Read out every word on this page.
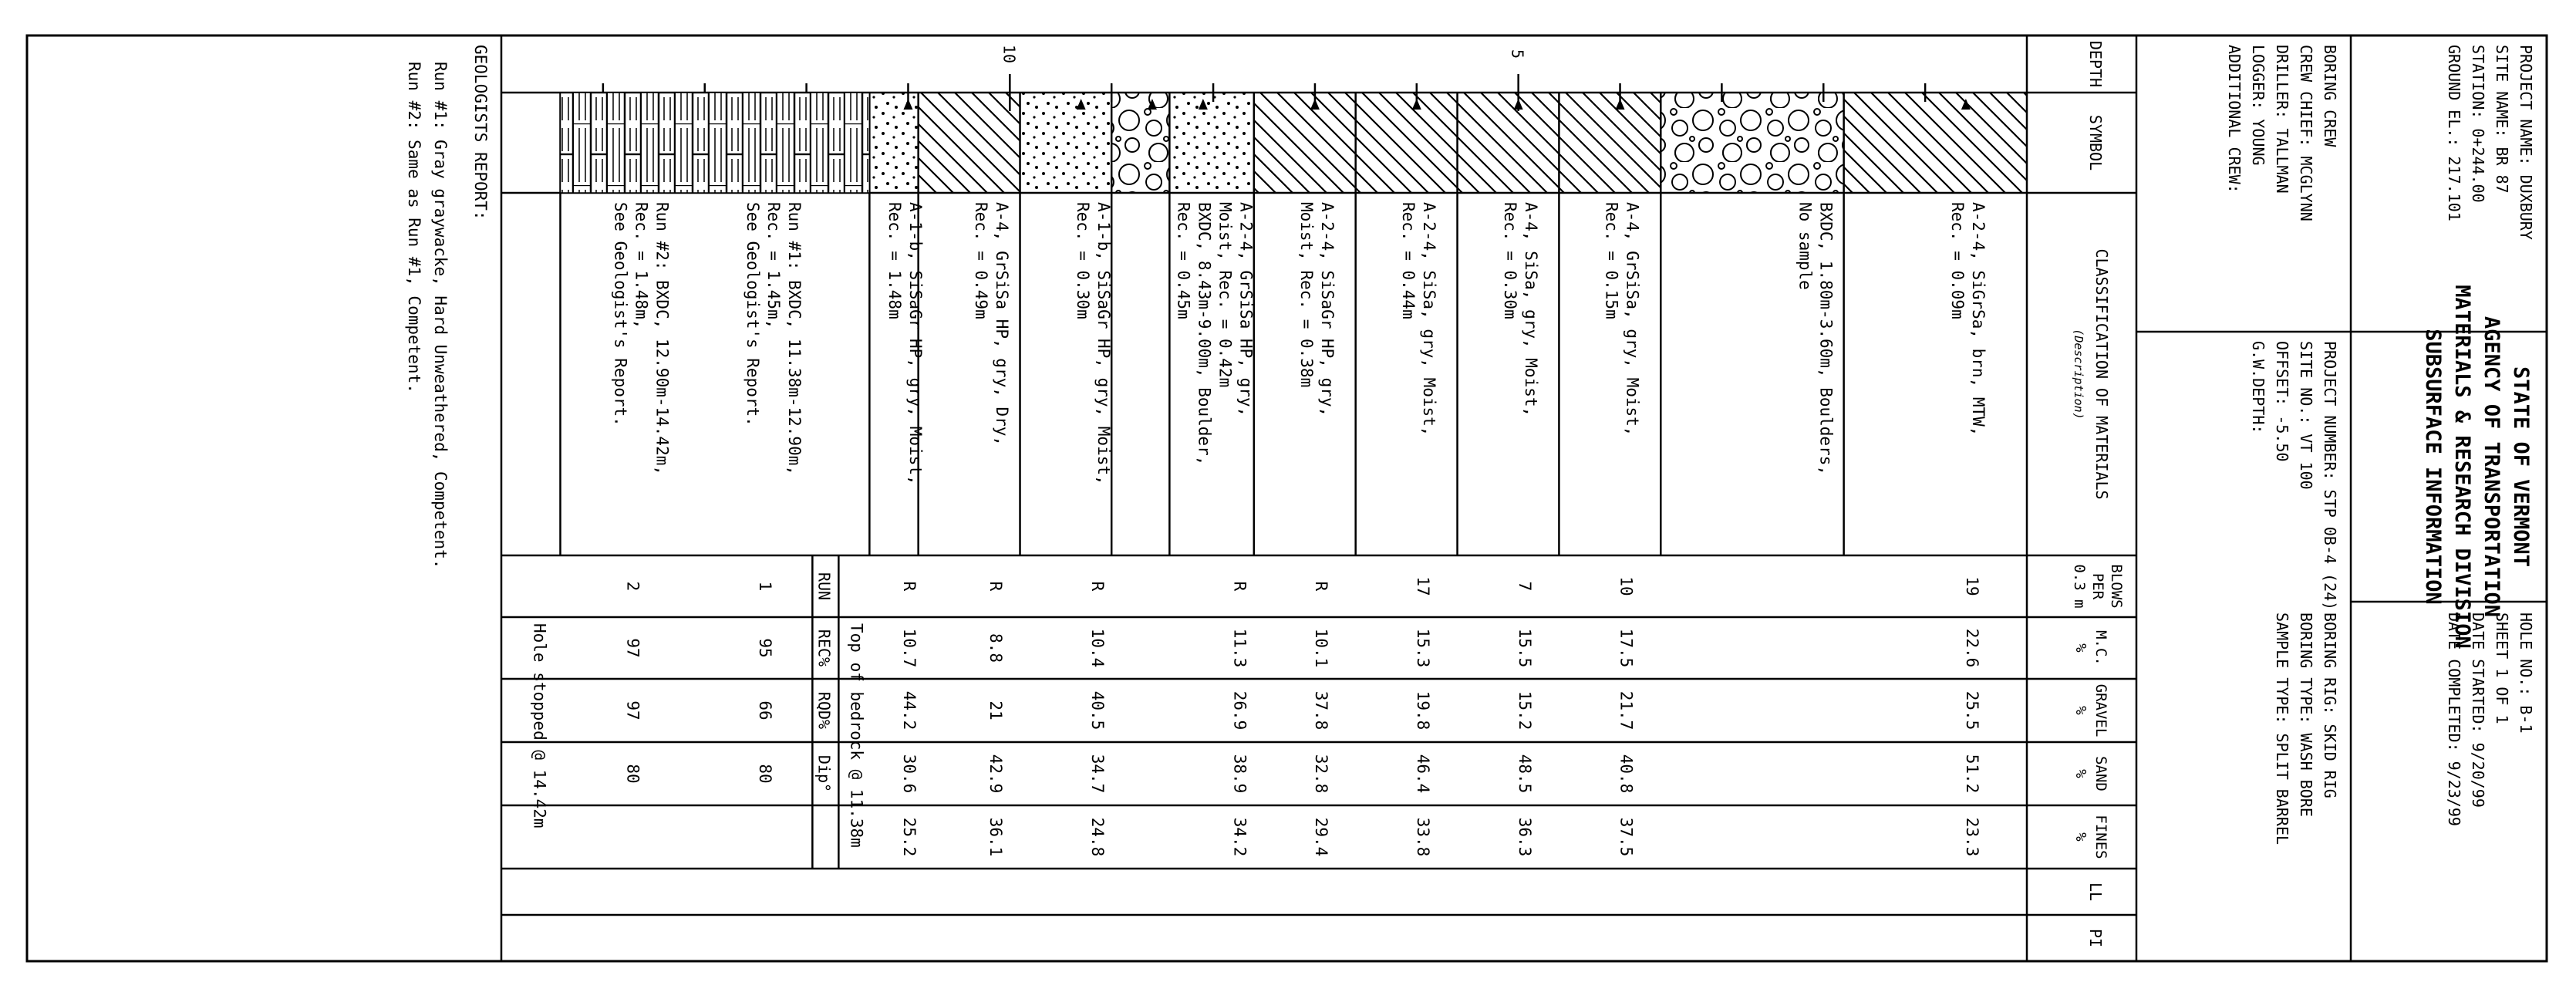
STATE OF VERMONT
AGENCY OF TRANSPORTATION
MATERIALS & RESEARCH DIVISION
SUBSURFACE INFORMATION
PROJECT NAME: DUXBURY
SITE NAME: BR 87
STATION: 0+244.00
GROUND EL.: 217.101
HOLE NO.: B-1
SHEET 1 OF 1
DATE STARTED: 9/20/99
DATE COMPLETED: 9/23/99
BORING CREW
CREW CHIEF: MCGLYNN
DRILLER: TALLMAN
LOGGER: YOUNG
ADDITIONAL CREW:
PROJECT NUMBER: STP 0B-4 (24)
SITE NO.: VT 100
OFFSET: -5.50
G.W.DEPTH:
BORING RIG: SKID RIG
BORING TYPE: WASH BORE
SAMPLE TYPE: SPLIT BARREL
DEPTH
SYMBOL
CLASSIFICATION OF MATERIALS
(Description)
BLOWS
PER
0.3 m
M.C.
%
GRAVEL
%
SAND
%
FINES
%
LL
PI
5
10
A-2-4, SiGrSa, brn, MTW,
Rec. = 0.09m
19
22.6
25.5
51.2
23.3
BXDC, 1.80m-3.60m, Boulders,
No sample
A-4, GrSiSa, gry, Moist,
Rec. = 0.15m
10
17.5
21.7
40.8
37.5
A-4, SiSa, gry, Moist,
Rec. = 0.30m
7
15.5
15.2
48.5
36.3
A-2-4, SiSa, gry, Moist,
Rec. = 0.44m
17
15.3
19.8
46.4
33.8
A-2-4, SiSaGr HP, gry,
Moist, Rec. = 0.38m
R
10.1
37.8
32.8
29.4
A-2-4, GrSiSa HP, gry,
Moist, Rec. = 0.42m
BXDC, 8.43m-9.00m, Boulder,
Rec. = 0.45m
R
11.3
26.9
38.9
34.2
A-1-b, SiSaGr HP, gry, Moist,
Rec. = 0.30m
R
10.4
40.5
34.7
24.8
A-4, GrSiSa HP, gry, Dry,
Rec. = 0.49m
R
8.8
21
42.9
36.1
A-1-b, SiSaGr HP, gry, Moist,
Rec. = 1.48m
R
10.7
44.2
30.6
25.2
Top of bedrock @ 11.38m
RUN
REC%
RQD%
Dip°
Run #1: BXDC, 11.38m-12.90m,
Rec. = 1.45m,
See Geologist's Report.
1
95
66
80
Run #2: BXDC, 12.90m-14.42m,
Rec. = 1.48m,
See Geologist's Report.
2
97
97
80
Hole stopped @ 14.42m
GEOLOGISTS REPORT:
Run #1: Gray graywacke, Hard Unweathered, Competent.
Run #2: Same as Run #1, Competent.
